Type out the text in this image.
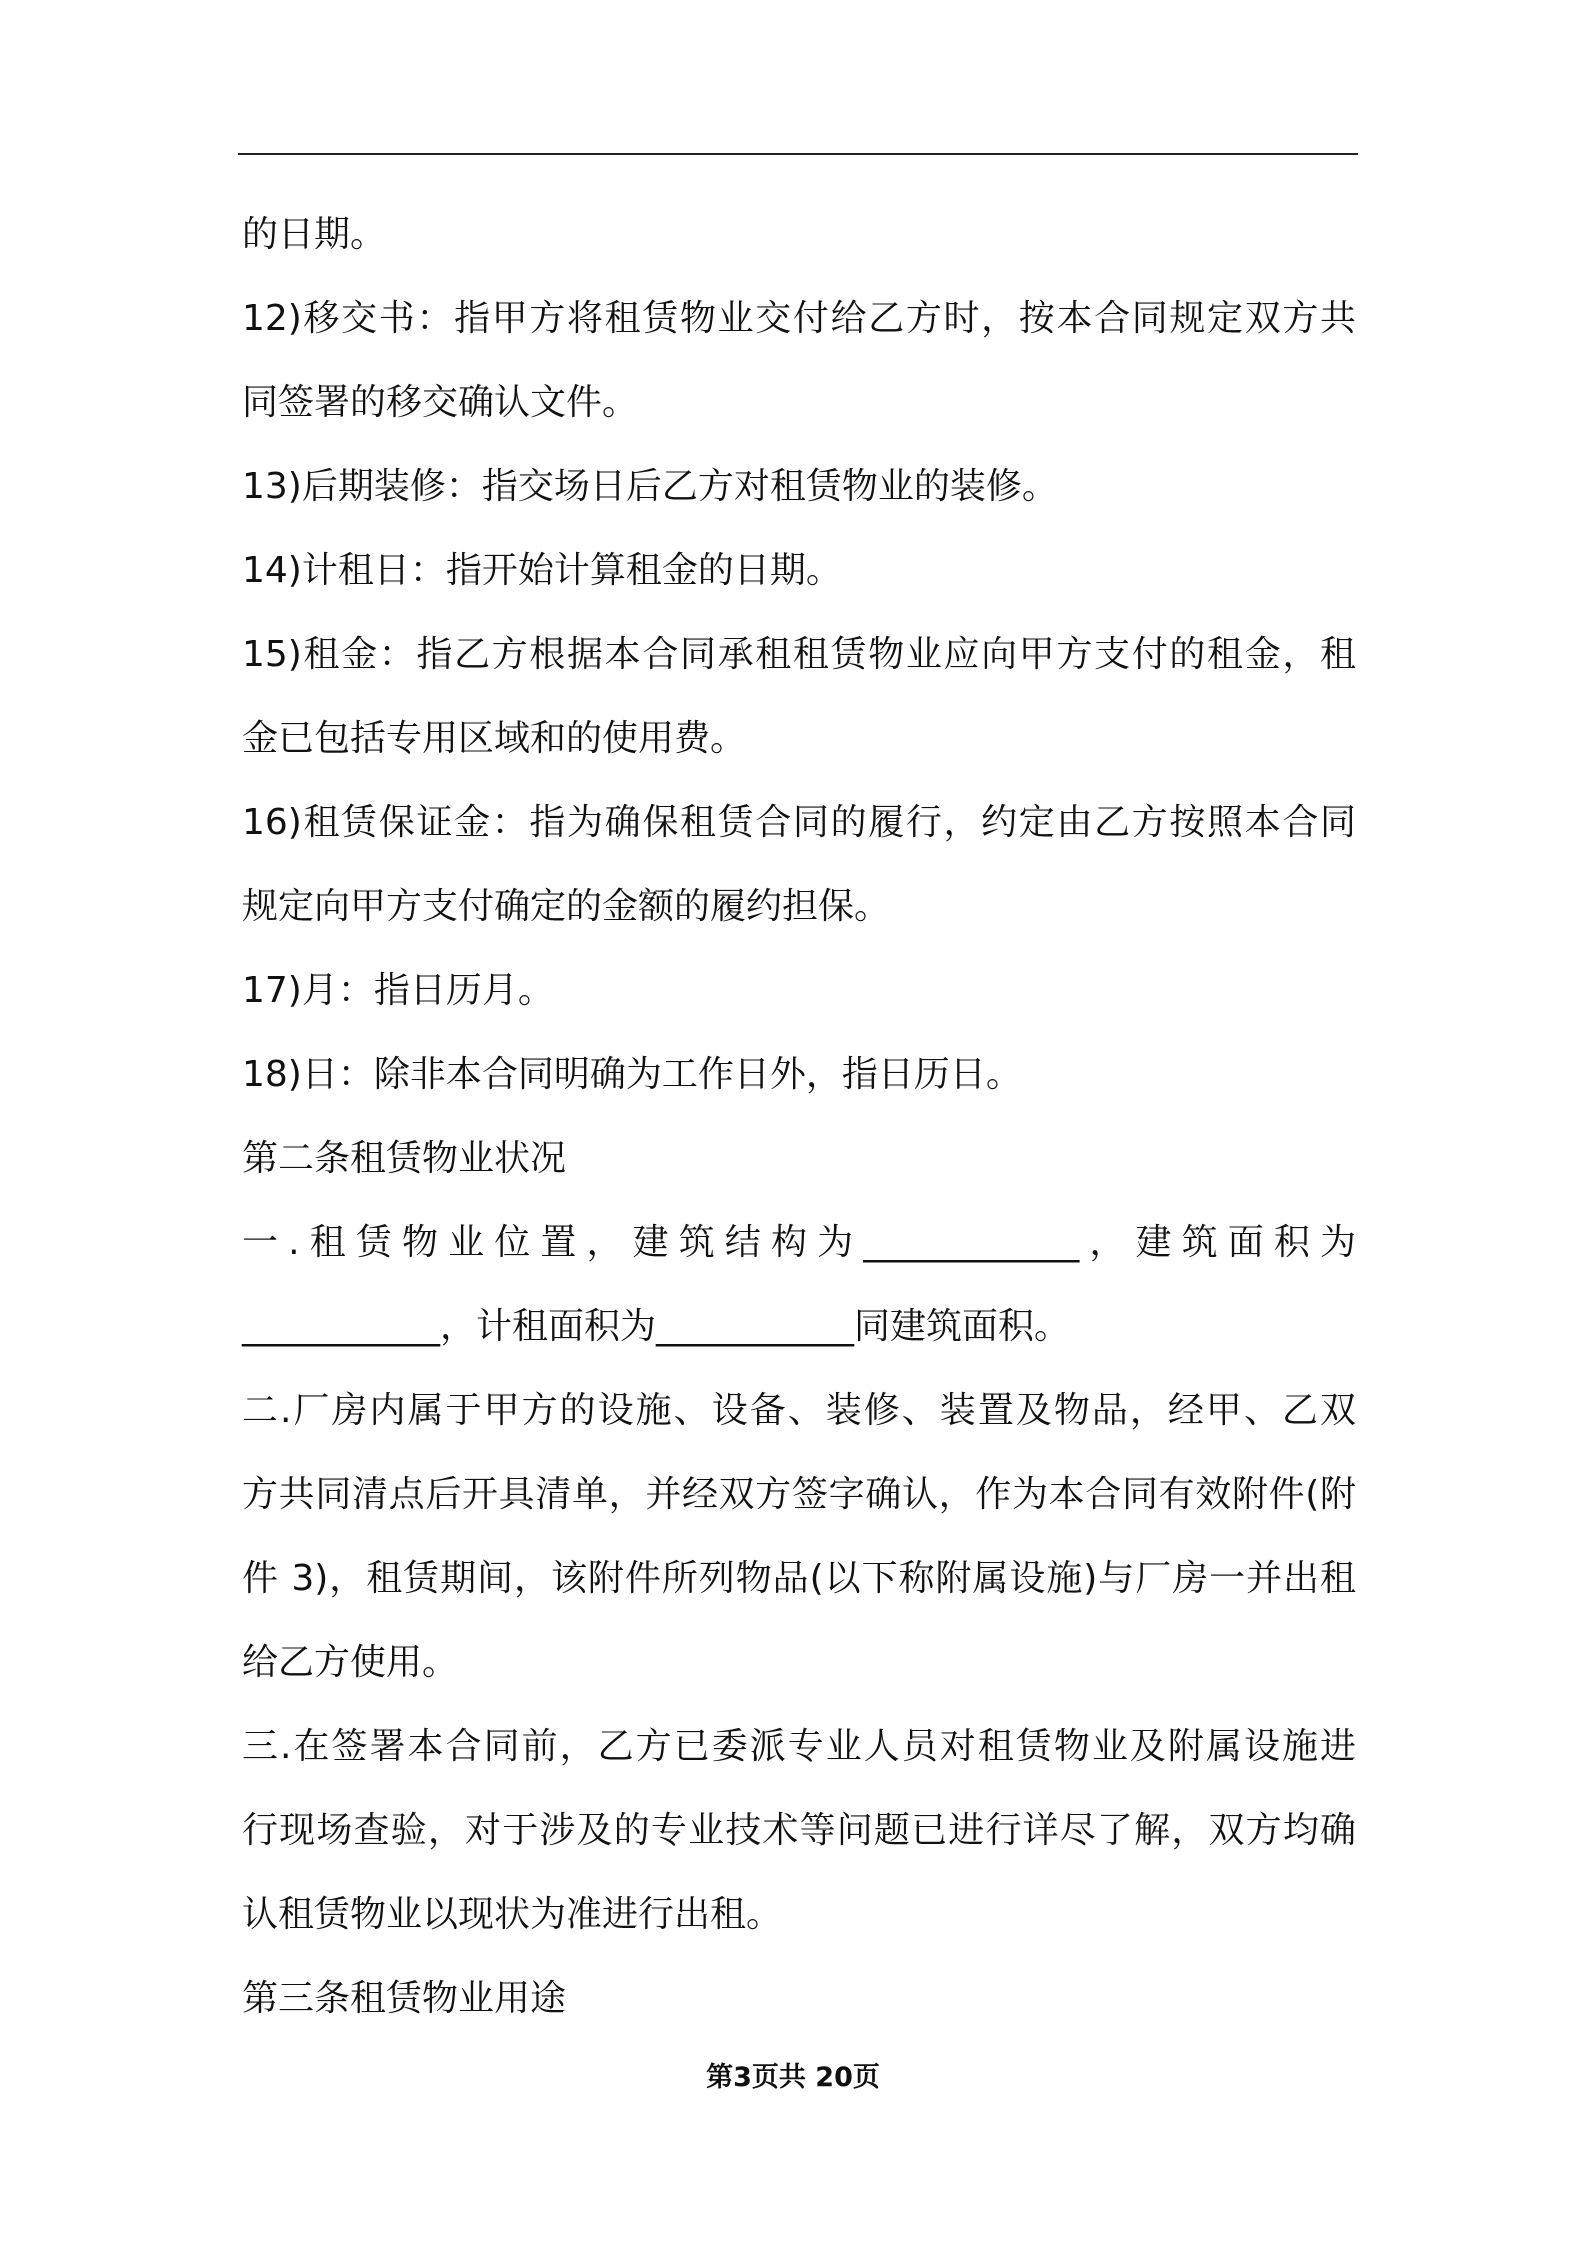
的日期。

12)移交书：指甲方将租赁物业交付给乙方时，按本合同规定双方共

同签署的移交确认文件。

13)后期装修：指交场日后乙方对租赁物业的装修。

14)计租日：指开始计算租金的日期。

15)租金：指乙方根据本合同承租租赁物业应向甲方支付的租金，租

金已包括专用区域和的使用费。

16)租赁保证金：指为确保租赁合同的履行，约定由乙方按照本合同

规定向甲方支付确定的金额的履约担保。

17)月：指日历月。

18)日：除非本合同明确为工作日外，指日历日。

第二条租赁物业状况

一.租赁物业位置，建筑结构为____________，建筑面积为

___________，计租面积为___________同建筑面积。

二.厂房内属于甲方的设施、设备、装修、装置及物品，经甲、乙双

方共同清点后开具清单，并经双方签字确认，作为本合同有效附件(附

件 3)，租赁期间，该附件所列物品(以下称附属设施)与厂房一并出租

给乙方使用。

三.在签署本合同前，乙方已委派专业人员对租赁物业及附属设施进

行现场查验，对于涉及的专业技术等问题已进行详尽了解，双方均确

认租赁物业以现状为准进行出租。

第三条租赁物业用途

第3页共 20页
